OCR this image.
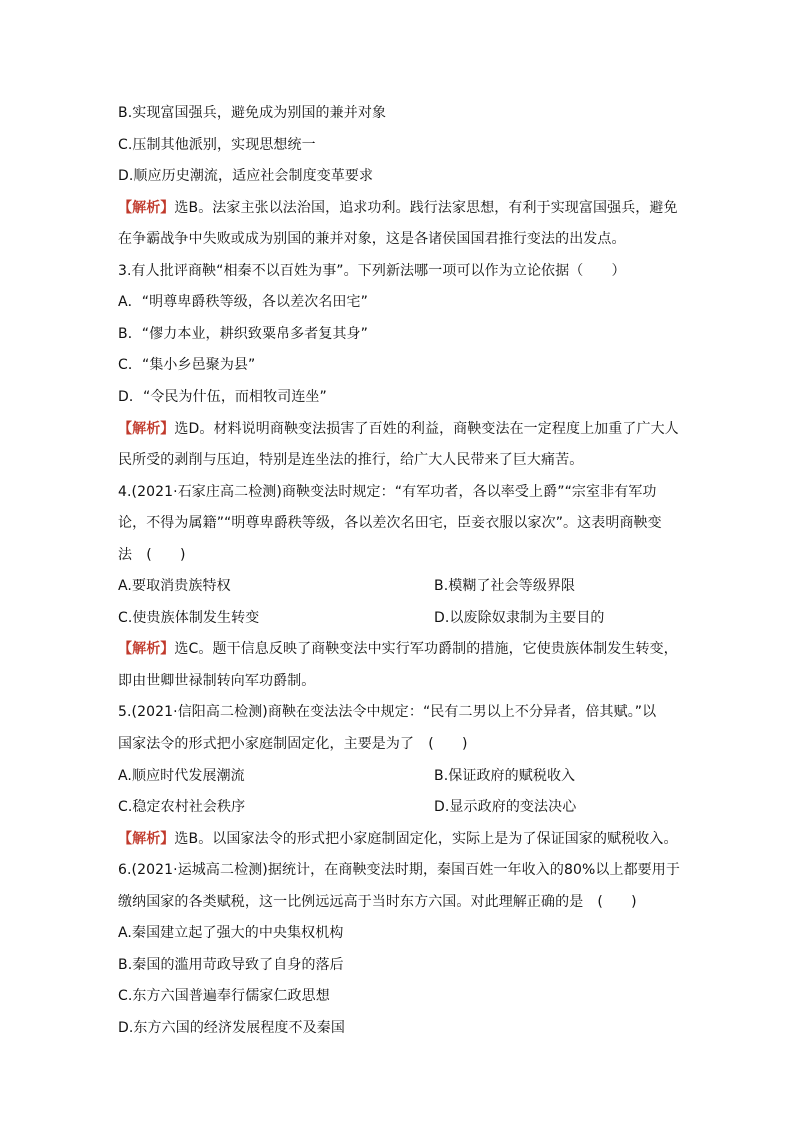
B.实现富国强兵，避免成为别国的兼并对象
C.压制其他派别，实现思想统一
D.顺应历史潮流，适应社会制度变革要求
【解析】选B。法家主张以法治国，追求功利。践行法家思想，有利于实现富国强兵，避免
在争霸战争中失败或成为别国的兼并对象，这是各诸侯国国君推行变法的出发点。
3.有人批评商鞅“相秦不以百姓为事”。下列新法哪一项可以作为立论依据（　　）
A．“明尊卑爵秩等级，各以差次名田宅”
B．“僇力本业，耕织致粟帛多者复其身”
C．“集小乡邑聚为县”
D．“令民为什伍，而相牧司连坐”
【解析】选D。材料说明商鞅变法损害了百姓的利益，商鞅变法在一定程度上加重了广大人
民所受的剥削与压迫，特别是连坐法的推行，给广大人民带来了巨大痛苦。
4.(2021·石家庄高二检测)商鞅变法时规定：“有军功者，各以率受上爵”“宗室非有军功
论，不得为属籍”“明尊卑爵秩等级，各以差次名田宅，臣妾衣服以家次”。这表明商鞅变
法　(　　)
A.要取消贵族特权	B.模糊了社会等级界限
C.使贵族体制发生转变	D.以废除奴隶制为主要目的
【解析】选C。题干信息反映了商鞅变法中实行军功爵制的措施，它使贵族体制发生转变，
即由世卿世禄制转向军功爵制。
5.(2021·信阳高二检测)商鞅在变法法令中规定：“民有二男以上不分异者，倍其赋。”以
国家法令的形式把小家庭制固定化，主要是为了　(　　)
A.顺应时代发展潮流	B.保证政府的赋税收入
C.稳定农村社会秩序	D.显示政府的变法决心
【解析】选B。以国家法令的形式把小家庭制固定化，实际上是为了保证国家的赋税收入。
6.(2021·运城高二检测)据统计，在商鞅变法时期，秦国百姓一年收入的80%以上都要用于
缴纳国家的各类赋税，这一比例远远高于当时东方六国。对此理解正确的是　(　　)
A.秦国建立起了强大的中央集权机构
B.秦国的滥用苛政导致了自身的落后
C.东方六国普遍奉行儒家仁政思想
D.东方六国的经济发展程度不及秦国
